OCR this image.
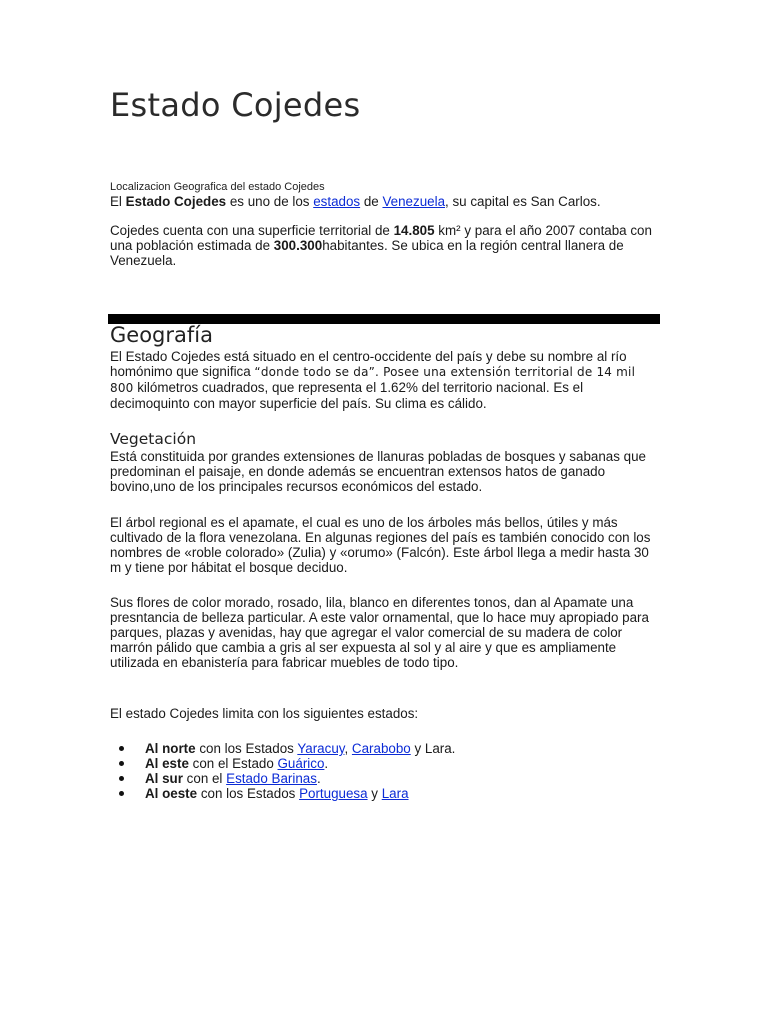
Estado Cojedes
Localizacion Geografica del estado Cojedes

El Estado Cojedes es uno de los estados de Venezuela, su capital es San Carlos.

Cojedes cuenta con una superficie territorial de 14.805 km² y para el año 2007 contaba con una población estimada de 300.300habitantes. Se ubica en la región central llanera de Venezuela.

Geografía

El Estado Cojedes está situado en el centro-occidente del país y debe su nombre al río homónimo que significa “donde todo se da”. Posee una extensión territorial de 14 mil 800 kilómetros cuadrados, que representa el 1.62% del territorio nacional. Es el decimoquinto con mayor superficie del país. Su clima es cálido.

Vegetación

Está constituida por grandes extensiones de llanuras pobladas de bosques y sabanas que predominan el paisaje, en donde además se encuentran extensos hatos de ganado bovino,uno de los principales recursos económicos del estado.

El árbol regional es el apamate, el cual es uno de los árboles más bellos, útiles y más cultivado de la flora venezolana. En algunas regiones del país es también conocido con los nombres de «roble colorado» (Zulia) y «orumo» (Falcón). Este árbol llega a medir hasta 30 m y tiene por hábitat el bosque deciduo.

Sus flores de color morado, rosado, lila, blanco en diferentes tonos, dan al Apamate una presntancia de belleza particular. A este valor ornamental, que lo hace muy apropiado para parques, plazas y avenidas, hay que agregar el valor comercial de su madera de color marrón pálido que cambia a gris al ser expuesta al sol y al aire y que es ampliamente utilizada en ebanistería para fabricar muebles de todo tipo.

El estado Cojedes limita con los siguientes estados:

Al norte con los Estados Yaracuy, Carabobo y Lara.
Al este con el Estado Guárico.
Al sur con el Estado Barinas.
Al oeste con los Estados Portuguesa y Lara
